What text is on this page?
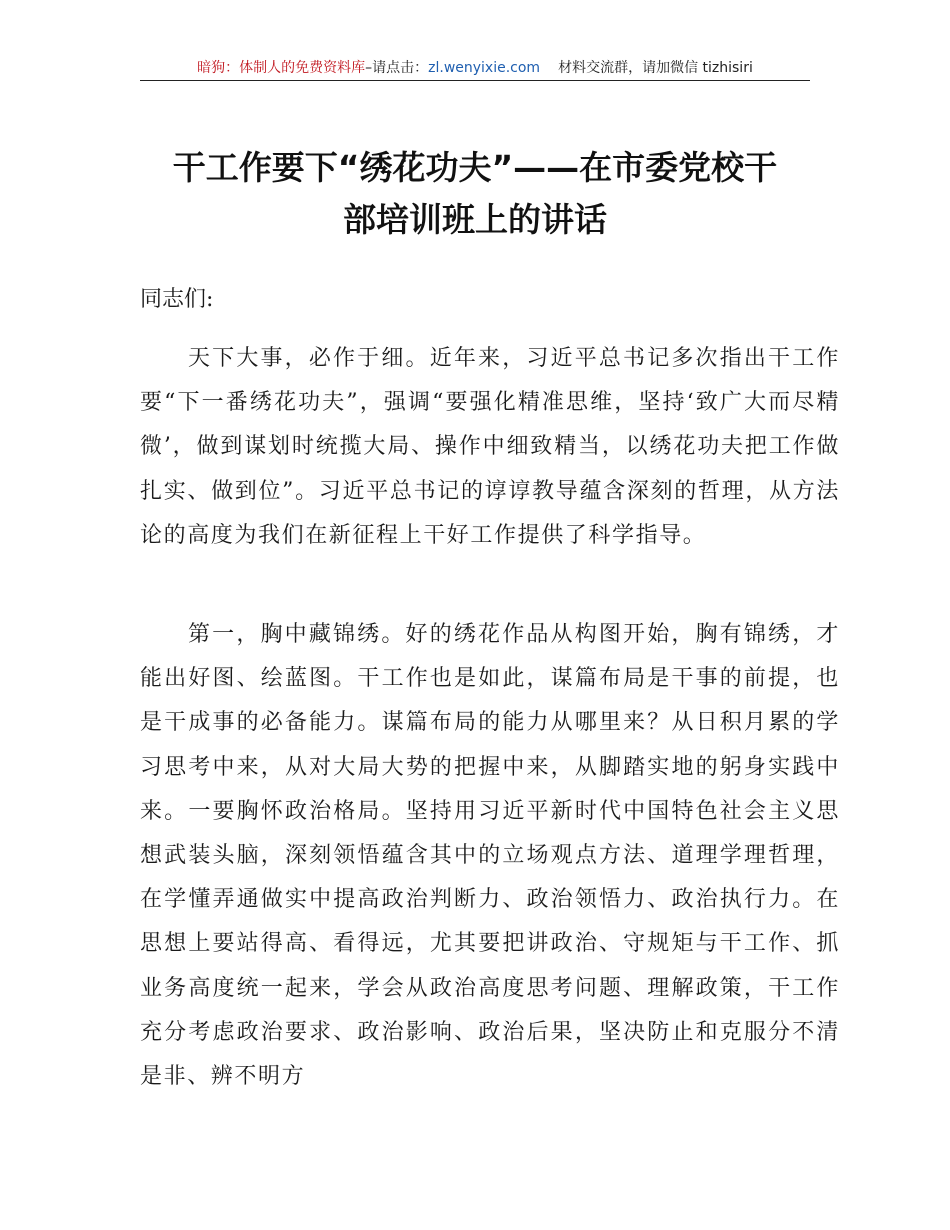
暗狗：体制人的免费资料库–请点击：zl.wenyixie.com 材料交流群，请加微信 tizhisiri
干工作要下“绣花功夫”——在市委党校干
部培训班上的讲话
同志们:

天下大事，必作于细。近年来，习近平总书记多次指出干工作要“下一番绣花功夫”，强调“要强化精准思维，坚持‘致广大而尽精微’，做到谋划时统揽大局、操作中细致精当，以绣花功夫把工作做扎实、做到位”。习近平总书记的谆谆教导蕴含深刻的哲理，从方法论的高度为我们在新征程上干好工作提供了科学指导。

第一，胸中藏锦绣。好的绣花作品从构图开始，胸有锦绣，才能出好图、绘蓝图。干工作也是如此，谋篇布局是干事的前提，也是干成事的必备能力。谋篇布局的能力从哪里来？从日积月累的学习思考中来，从对大局大势的把握中来，从脚踏实地的躬身实践中来。一要胸怀政治格局。坚持用习近平新时代中国特色社会主义思想武装头脑，深刻领悟蕴含其中的立场观点方法、道理学理哲理，在学懂弄通做实中提高政治判断力、政治领悟力、政治执行力。在思想上要站得高、看得远，尤其要把讲政治、守规矩与干工作、抓业务高度统一起来，学会从政治高度思考问题、理解政策，干工作充分考虑政治要求、政治影响、政治后果，坚决防止和克服分不清是非、辨不明方
